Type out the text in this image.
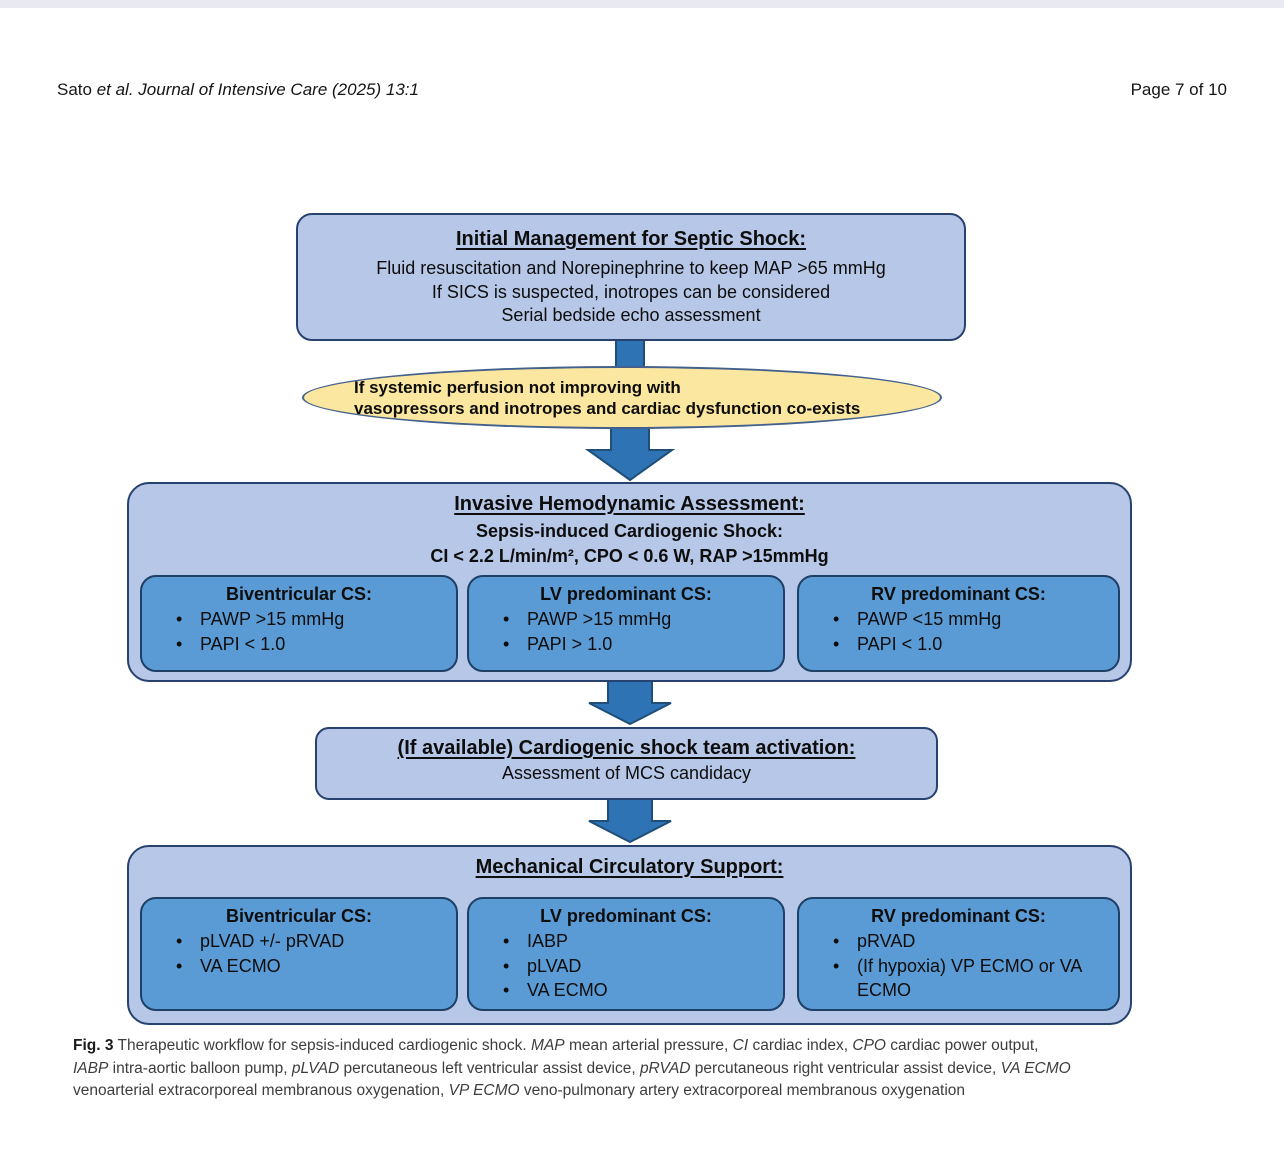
Sato et al. Journal of Intensive Care (2025) 13:1	Page 7 of 10
Initial Management for Septic Shock:
Fluid resuscitation and Norepinephrine to keep MAP >65 mmHg
If SICS is suspected, inotropes can be considered
Serial bedside echo assessment
If systemic perfusion not improving with
vasopressors and inotropes and cardiac dysfunction co-exists
Invasive Hemodynamic Assessment:
Sepsis-induced Cardiogenic Shock:
CI < 2.2 L/min/m², CPO < 0.6 W, RAP >15mmHg
Biventricular CS:
• PAWP >15 mmHg
• PAPI < 1.0
LV predominant CS:
• PAWP >15 mmHg
• PAPI > 1.0
RV predominant CS:
• PAWP <15 mmHg
• PAPI < 1.0
(If available) Cardiogenic shock team activation:
Assessment of MCS candidacy
Mechanical Circulatory Support:
Biventricular CS:
• pLVAD +/- pRVAD
• VA ECMO
LV predominant CS:
• IABP
• pLVAD
• VA ECMO
RV predominant CS:
• pRVAD
• (If hypoxia) VP ECMO or VA ECMO
Fig. 3 Therapeutic workflow for sepsis-induced cardiogenic shock. MAP mean arterial pressure, CI cardiac index, CPO cardiac power output,
IABP intra-aortic balloon pump, pLVAD percutaneous left ventricular assist device, pRVAD percutaneous right ventricular assist device, VA ECMO
venoarterial extracorporeal membranous oxygenation, VP ECMO veno-pulmonary artery extracorporeal membranous oxygenation
